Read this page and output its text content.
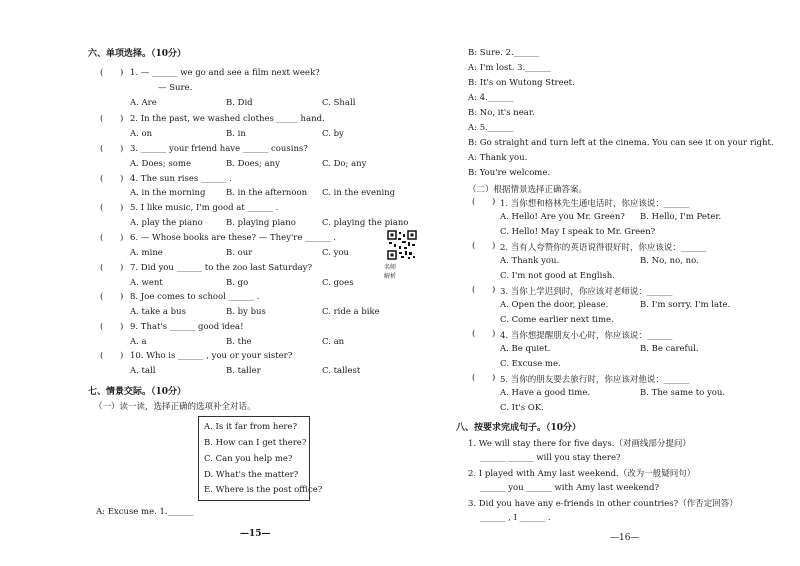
六、单项选择。（10分）
( ) 1. — ______ we go and see a film next week?
— Sure.
A. Are	B. Did	C. Shall
( ) 2. In the past, we washed clothes _____ hand.
A. on	B. in	C. by
( ) 3. ______ your friend have ______ cousins?
A. Does; some	B. Does; any	C. Do; any
( ) 4. The sun rises ______ .
A. in the morning B. in the afternoon C. in the evening
( ) 5. I like music, I'm good at ______ .
A. play the piano	B. playing piano	C. playing the piano
( ) 6. — Whose books are these? — They're ______ .
A. mine	B. our	C. you
名师解析
( ) 7. Did you ______ to the zoo last Saturday?
A. went	B. go	C. goes
( ) 8. Joe comes to school ______ .
A. take a bus	B. by bus	C. ride a bike
( ) 9. That's ______ good idea!
A. a	B. the	C. an
( ) 10. Who is ______ , you or your sister?
A. tall	B. taller	C. tallest
七、情景交际。（10分）
（一）读一读，选择正确的选项补全对话。
A. Is it far from here?
B. How can I get there?
C. Can you help me?
D. What's the matter?
E. Where is the post office?
A: Excuse me. 1.______
—15—
B: Sure. 2.______
A: I'm lost. 3.______
B: It's on Wutong Street.
A: 4.______
B: No, it's near.
A: 5.______
B: Go straight and turn left at the cinema. You can see it on your right.
A: Thank you.
B: You're welcome.
（二）根据情景选择正确答案。
( ) 1. 当你想和格林先生通电话时，你应该说：______
A. Hello! Are you Mr. Green? B. Hello, I'm Peter.
C. Hello! May I speak to Mr. Green?
( ) 2. 当有人夸赞你的英语说得很好时，你应该说：______
A. Thank you.	B. No, no, no.
C. I'm not good at English.
( ) 3. 当你上学迟到时，你应该对老师说：______
A. Open the door, please.	B. I'm sorry. I'm late.
C. Come earlier next time.
( ) 4. 当你想提醒朋友小心时，你应该说：______
A. Be quiet.	B. Be careful.
C. Excuse me.
( ) 5. 当你的朋友要去旅行时，你应该对他说：______
A. Have a good time.	B. The same to you.
C. It's OK.
八、按要求完成句子。（10分）
1. We will stay there for five days.（对画线部分提问）
______ ______ will you stay there?
2. I played with Amy last weekend.（改为一般疑问句）
______ you ______ with Amy last weekend?
3. Did you have any e-friends in other countries?（作否定回答）
______ , I ______ .
—16—
